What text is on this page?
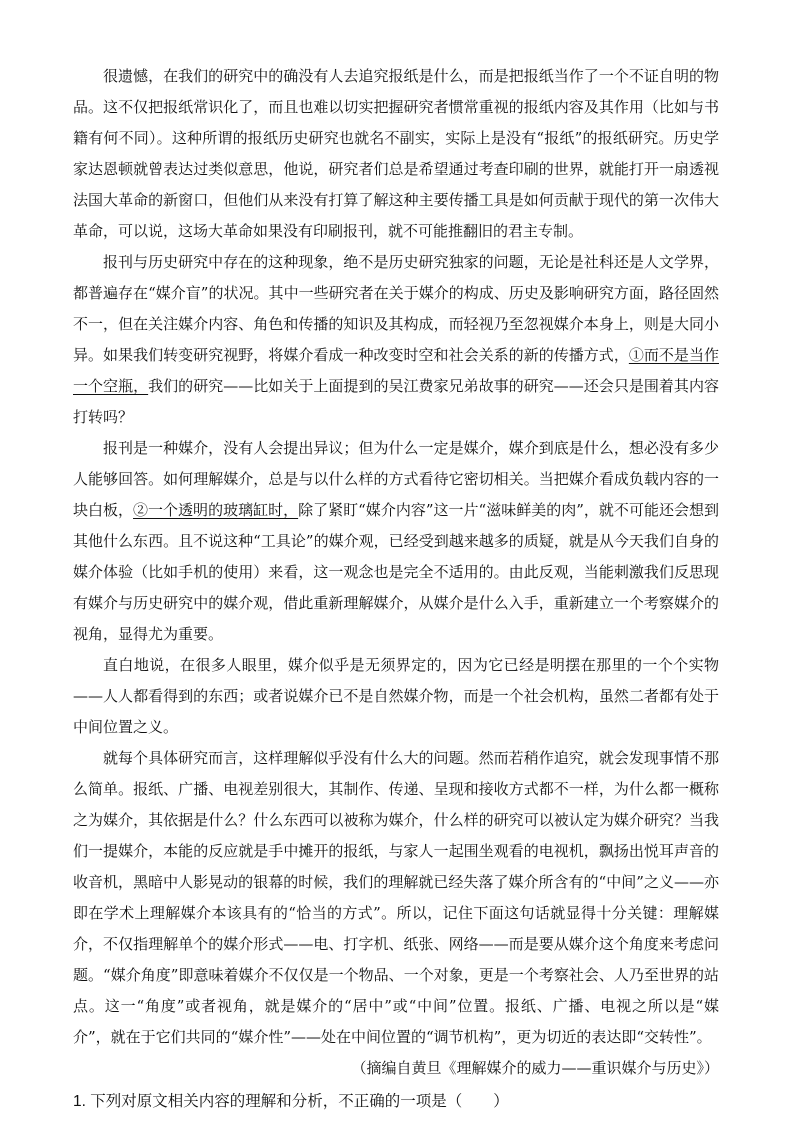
很遗憾，在我们的研究中的确没有人去追究报纸是什么，而是把报纸当作了一个不证自明的物品。这不仅把报纸常识化了，而且也难以切实把握研究者惯常重视的报纸内容及其作用（比如与书籍有何不同）。这种所谓的报纸历史研究也就名不副实，实际上是没有“报纸”的报纸研究。历史学家达恩顿就曾表达过类似意思，他说，研究者们总是希望通过考查印刷的世界，就能打开一扇透视法国大革命的新窗口，但他们从来没有打算了解这种主要传播工具是如何贡献于现代的第一次伟大革命，可以说，这场大革命如果没有印刷报刊，就不可能推翻旧的君主专制。

报刊与历史研究中存在的这种现象，绝不是历史研究独家的问题，无论是社科还是人文学界，都普遍存在“媒介盲”的状况。其中一些研究者在关于媒介的构成、历史及影响研究方面，路径固然不一，但在关注媒介内容、角色和传播的知识及其构成，而轻视乃至忽视媒介本身上，则是大同小异。如果我们转变研究视野，将媒介看成一种改变时空和社会关系的新的传播方式，①而不是当作一个空瓶，我们的研究——比如关于上面提到的吴江费家兄弟故事的研究——还会只是围着其内容打转吗？

报刊是一种媒介，没有人会提出异议；但为什么一定是媒介，媒介到底是什么，想必没有多少人能够回答。如何理解媒介，总是与以什么样的方式看待它密切相关。当把媒介看成负载内容的一块白板，②一个透明的玻璃缸时，除了紧盯“媒介内容”这一片“滋味鲜美的肉”，就不可能还会想到其他什么东西。且不说这种“工具论”的媒介观，已经受到越来越多的质疑，就是从今天我们自身的媒介体验（比如手机的使用）来看，这一观念也是完全不适用的。由此反观，当能刺激我们反思现有媒介与历史研究中的媒介观，借此重新理解媒介，从媒介是什么入手，重新建立一个考察媒介的视角，显得尤为重要。

直白地说，在很多人眼里，媒介似乎是无须界定的，因为它已经是明摆在那里的一个个实物——人人都看得到的东西；或者说媒介已不是自然媒介物，而是一个社会机构，虽然二者都有处于中间位置之义。

就每个具体研究而言，这样理解似乎没有什么大的问题。然而若稍作追究，就会发现事情不那么简单。报纸、广播、电视差别很大，其制作、传递、呈现和接收方式都不一样，为什么都一概称之为媒介，其依据是什么？什么东西可以被称为媒介，什么样的研究可以被认定为媒介研究？当我们一提媒介，本能的反应就是手中摊开的报纸，与家人一起围坐观看的电视机，飘扬出悦耳声音的收音机，黑暗中人影晃动的银幕的时候，我们的理解就已经失落了媒介所含有的“中间”之义——亦即在学术上理解媒介本该具有的“恰当的方式”。所以，记住下面这句话就显得十分关键：理解媒介，不仅指理解单个的媒介形式——电、打字机、纸张、网络——而是要从媒介这个角度来考虑问题。“媒介角度”即意味着媒介不仅仅是一个物品、一个对象，更是一个考察社会、人乃至世界的站点。这一“角度”或者视角，就是媒介的“居中”或“中间”位置。报纸、广播、电视之所以是“媒介”，就在于它们共同的“媒介性”——处在中间位置的“调节机构”，更为切近的表达即“交转性”。

（摘编自黄旦《理解媒介的威力——重识媒介与历史》）

1. 下列对原文相关内容的理解和分析，不正确的一项是（　　）
